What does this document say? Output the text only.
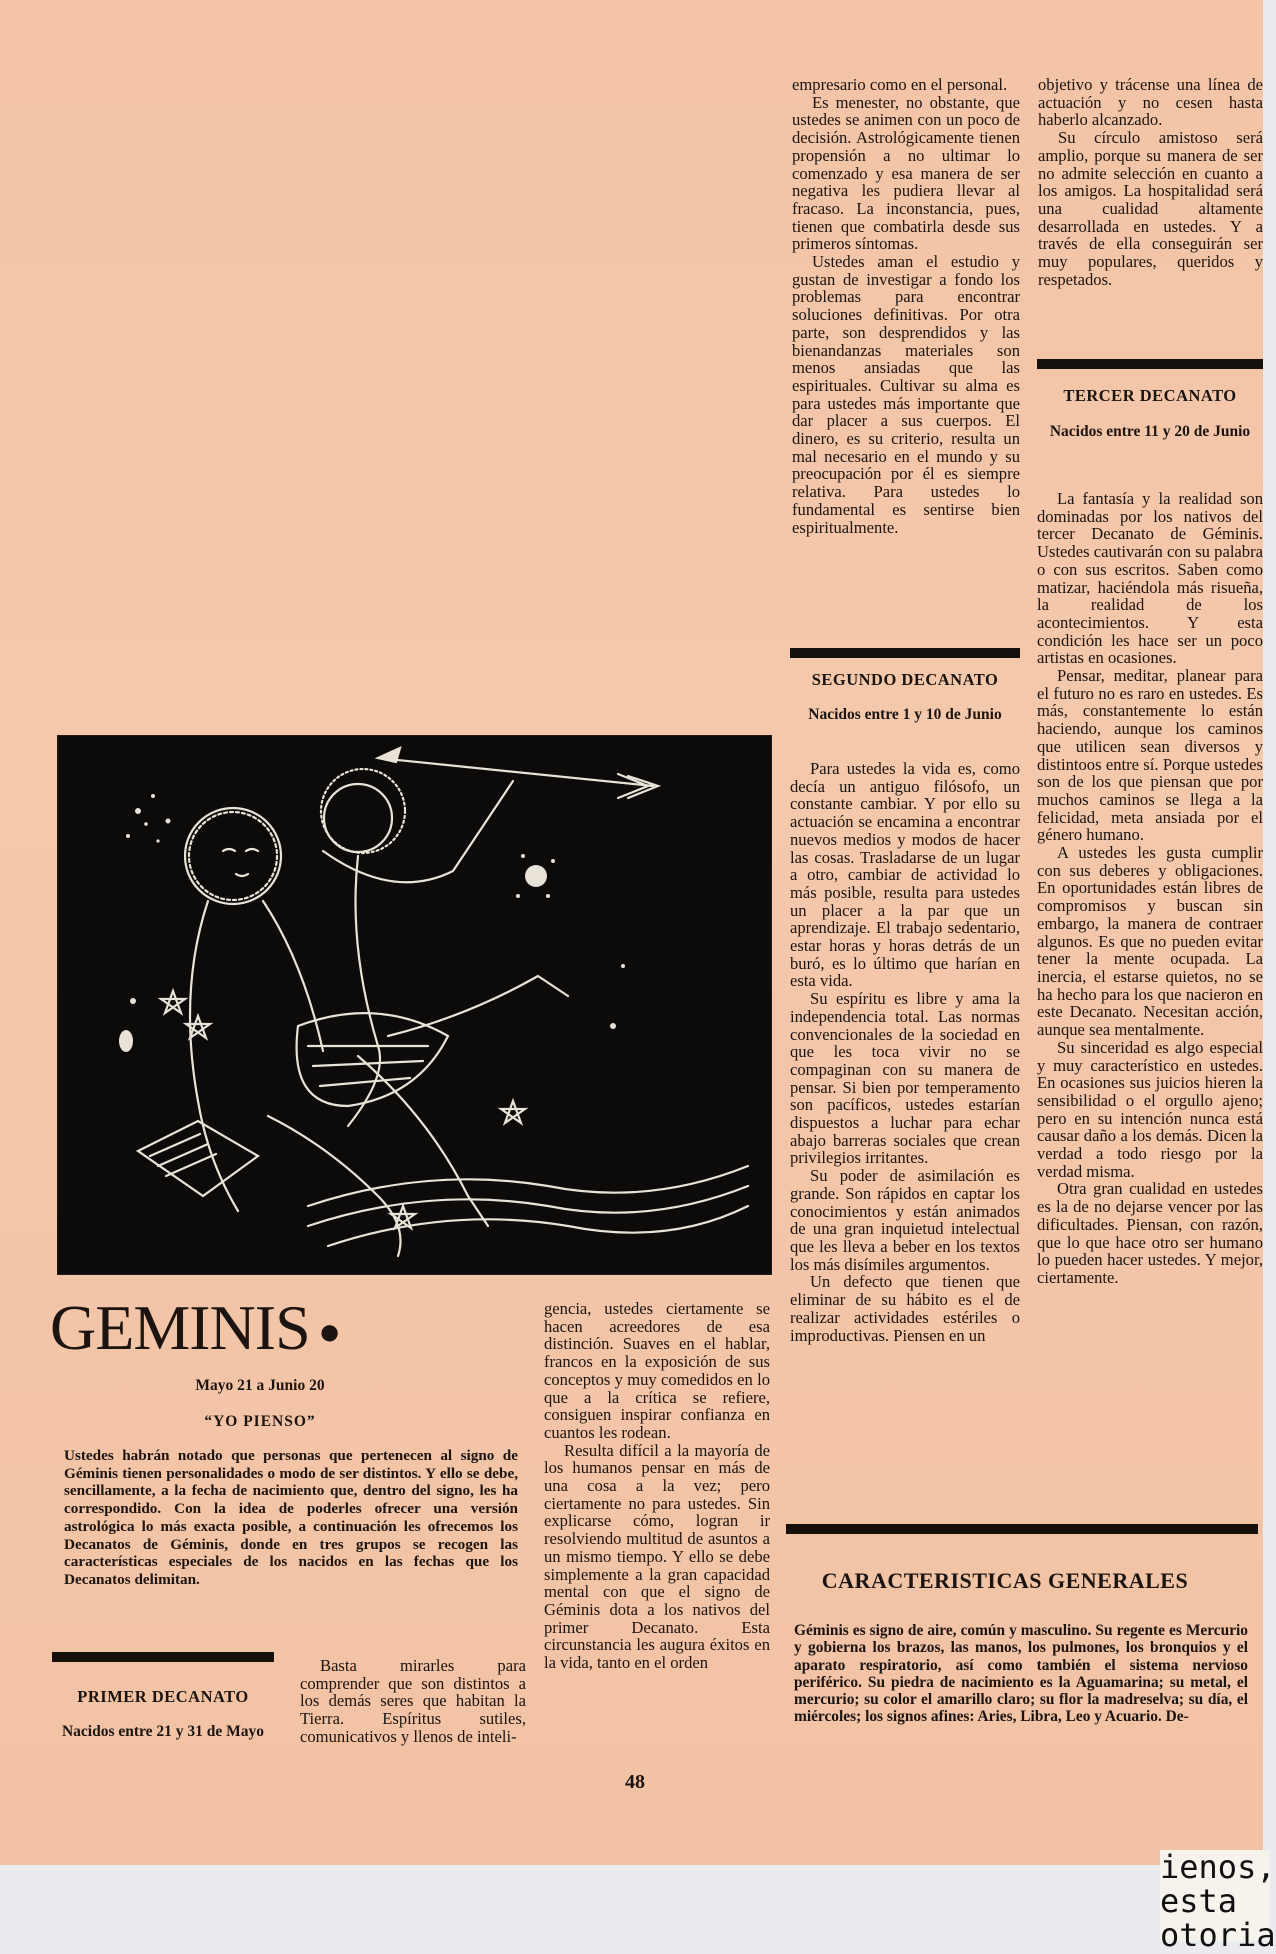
GEMINIS ●
Mayo 21 a Junio 20
“YO PIENSO”
Ustedes habrán notado que personas que pertenecen al signo de Géminis tienen personalidades o modo de ser distintos. Y ello se debe, sencillamente, a la fecha de nacimiento que, dentro del signo, les ha correspondido. Con la idea de poderles ofrecer una versión astrológica lo más exacta posible, a continuación les ofrecemos los Decanatos de Géminis, donde en tres grupos se recogen las características especiales de los nacidos en las fechas que los Decanatos delimitan.
PRIMER DECANATO
Nacidos entre 21 y 31 de Mayo

Basta mirarles para comprender que son distintos a los demás seres que habitan la Tierra. Espíritus sutiles, comunicativos y llenos de inteli-

gencia, ustedes ciertamente se hacen acreedores de esa distinción. Suaves en el hablar, francos en la exposición de sus conceptos y muy comedidos en lo que a la crítica se refiere, consiguen inspirar confianza en cuantos les rodean.

Resulta difícil a la mayoría de los humanos pensar en más de una cosa a la vez; pero ciertamente no para ustedes. Sin explicarse cómo, logran ir resolviendo multitud de asuntos a un mismo tiempo. Y ello se debe simplemente a la gran capacidad mental con que el signo de Géminis dota a los nativos del primer Decanato. Esta circunstancia les augura éxitos en la vida, tanto en el orden

empresario como en el personal.

Es menester, no obstante, que ustedes se animen con un poco de decisión. Astrológicamente tienen propensión a no ultimar lo comenzado y esa manera de ser negativa les pudiera llevar al fracaso. La inconstancia, pues, tienen que combatirla desde sus primeros síntomas.

Ustedes aman el estudio y gustan de investigar a fondo los problemas para encontrar soluciones definitivas. Por otra parte, son desprendidos y las bienandanzas materiales son menos ansiadas que las espirituales. Cultivar su alma es para ustedes más importante que dar placer a sus cuerpos. El dinero, es su criterio, resulta un mal necesario en el mundo y su preocupación por él es siempre relativa. Para ustedes lo fundamental es sentirse bien espiritualmente.

SEGUNDO DECANATO
Nacidos entre 1 y 10 de Junio

Para ustedes la vida es, como decía un antiguo filósofo, un constante cambiar. Y por ello su actuación se encamina a encontrar nuevos medios y modos de hacer las cosas. Trasladarse de un lugar a otro, cambiar de actividad lo más posible, resulta para ustedes un placer a la par que un aprendizaje. El trabajo sedentario, estar horas y horas detrás de un buró, es lo último que harían en esta vida.

Su espíritu es libre y ama la independencia total. Las normas convencionales de la sociedad en que les toca vivir no se compaginan con su manera de pensar. Si bien por temperamento son pacíficos, ustedes estarían dispuestos a luchar para echar abajo barreras sociales que crean privilegios irritantes.

Su poder de asimilación es grande. Son rápidos en captar los conocimientos y están animados de una gran inquietud intelectual que les lleva a beber en los textos los más disímiles argumentos.

Un defecto que tienen que eliminar de su hábito es el de realizar actividades estériles o improductivas. Piensen en un

objetivo y trácense una línea de actuación y no cesen hasta haberlo alcanzado.

Su círculo amistoso será amplio, porque su manera de ser no admite selección en cuanto a los amigos. La hospitalidad será una cualidad altamente desarrollada en ustedes. Y a través de ella conseguirán ser muy populares, queridos y respetados.

TERCER DECANATO
Nacidos entre 11 y 20 de Junio

La fantasía y la realidad son dominadas por los nativos del tercer Decanato de Géminis. Ustedes cautivarán con su palabra o con sus escritos. Saben como matizar, haciéndola más risueña, la realidad de los acontecimientos. Y esta condición les hace ser un poco artistas en ocasiones.

Pensar, meditar, planear para el futuro no es raro en ustedes. Es más, constantemente lo están haciendo, aunque los caminos que utilicen sean diversos y distintoos entre sí. Porque ustedes son de los que piensan que por muchos caminos se llega a la felicidad, meta ansiada por el género humano.

A ustedes les gusta cumplir con sus deberes y obligaciones. En oportunidades están libres de compromisos y buscan sin embargo, la manera de contraer algunos. Es que no pueden evitar tener la mente ocupada. La inercia, el estarse quietos, no se ha hecho para los que nacieron en este Decanato. Necesitan acción, aunque sea mentalmente.

Su sinceridad es algo especial y muy característico en ustedes. En ocasiones sus juicios hieren la sensibilidad o el orgullo ajeno; pero en su intención nunca está causar daño a los demás. Dicen la verdad a todo riesgo por la verdad misma.

Otra gran cualidad en ustedes es la de no dejarse vencer por las dificultades. Piensan, con razón, que lo que hace otro ser humano lo pueden hacer ustedes. Y mejor, ciertamente.

CARACTERISTICAS GENERALES
Géminis es signo de aire, común y masculino. Su regente es Mercurio y gobierna los brazos, las manos, los pulmones, los bronquios y el aparato respiratorio, así como también el sistema nervioso periférico. Su piedra de nacimiento es la Aguamarina; su metal, el mercurio; su color el amarillo claro; su flor la madreselva; su día, el miércoles; los signos afines: Aries, Libra, Leo y Acuario. De-
48
ienos,
esta
otoria
